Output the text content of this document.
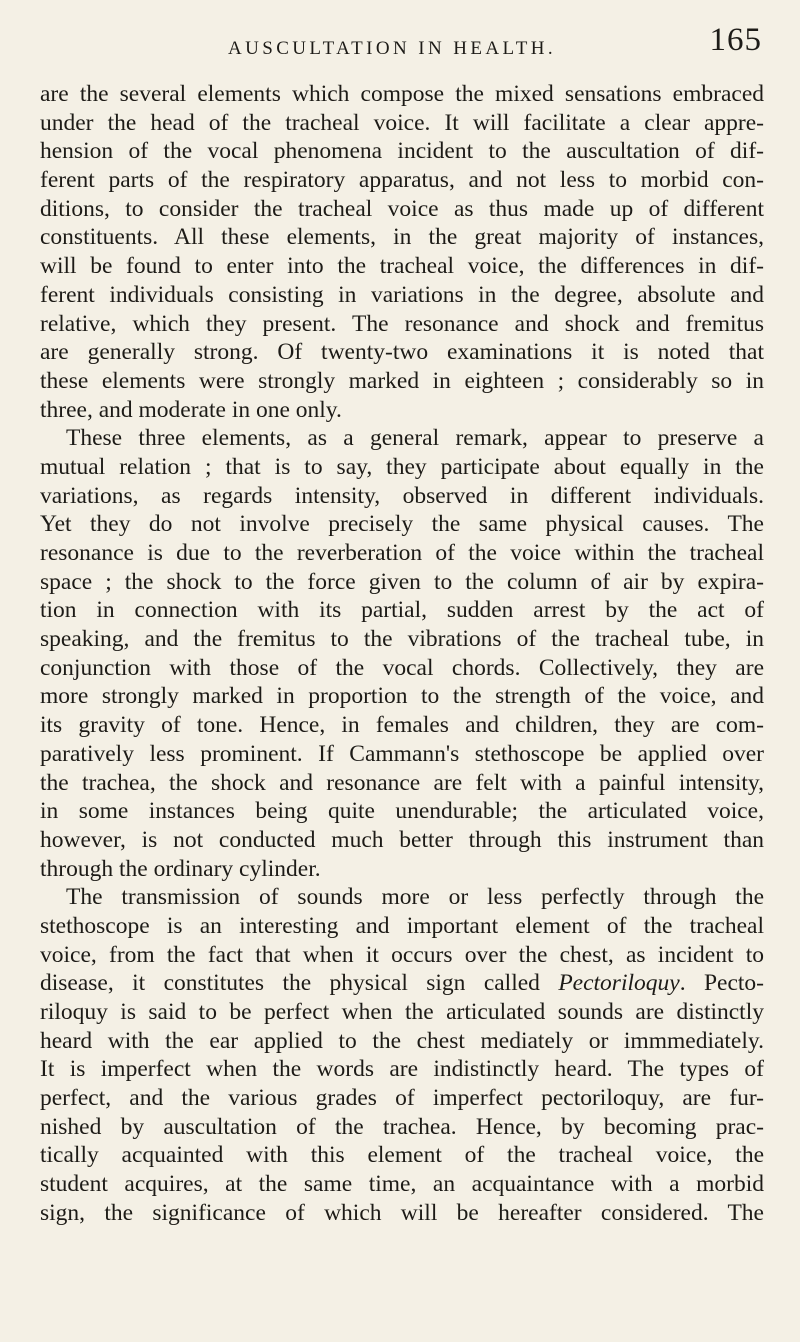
AUSCULTATION IN HEALTH.	165
are the several elements which compose the mixed sensations embraced
under the head of the tracheal voice. It will facilitate a clear appre-
hension of the vocal phenomena incident to the auscultation of dif-
ferent parts of the respiratory apparatus, and not less to morbid con-
ditions, to consider the tracheal voice as thus made up of different
constituents. All these elements, in the great majority of instances,
will be found to enter into the tracheal voice, the differences in dif-
ferent individuals consisting in variations in the degree, absolute and
relative, which they present. The resonance and shock and fremitus
are generally strong. Of twenty-two examinations it is noted that
these elements were strongly marked in eighteen ; considerably so in
three, and moderate in one only.
These three elements, as a general remark, appear to preserve a
mutual relation ; that is to say, they participate about equally in the
variations, as regards intensity, observed in different individuals.
Yet they do not involve precisely the same physical causes. The
resonance is due to the reverberation of the voice within the tracheal
space ; the shock to the force given to the column of air by expira-
tion in connection with its partial, sudden arrest by the act of
speaking, and the fremitus to the vibrations of the tracheal tube, in
conjunction with those of the vocal chords. Collectively, they are
more strongly marked in proportion to the strength of the voice, and
its gravity of tone. Hence, in females and children, they are com-
paratively less prominent. If Cammann's stethoscope be applied over
the trachea, the shock and resonance are felt with a painful intensity,
in some instances being quite unendurable; the articulated voice,
however, is not conducted much better through this instrument than
through the ordinary cylinder.
The transmission of sounds more or less perfectly through the
stethoscope is an interesting and important element of the tracheal
voice, from the fact that when it occurs over the chest, as incident to
disease, it constitutes the physical sign called Pectoriloquy. Pecto-
riloquy is said to be perfect when the articulated sounds are distinctly
heard with the ear applied to the chest mediately or immmediately.
It is imperfect when the words are indistinctly heard. The types of
perfect, and the various grades of imperfect pectoriloquy, are fur-
nished by auscultation of the trachea. Hence, by becoming prac-
tically acquainted with this element of the tracheal voice, the
student acquires, at the same time, an acquaintance with a morbid
sign, the significance of which will be hereafter considered. The
